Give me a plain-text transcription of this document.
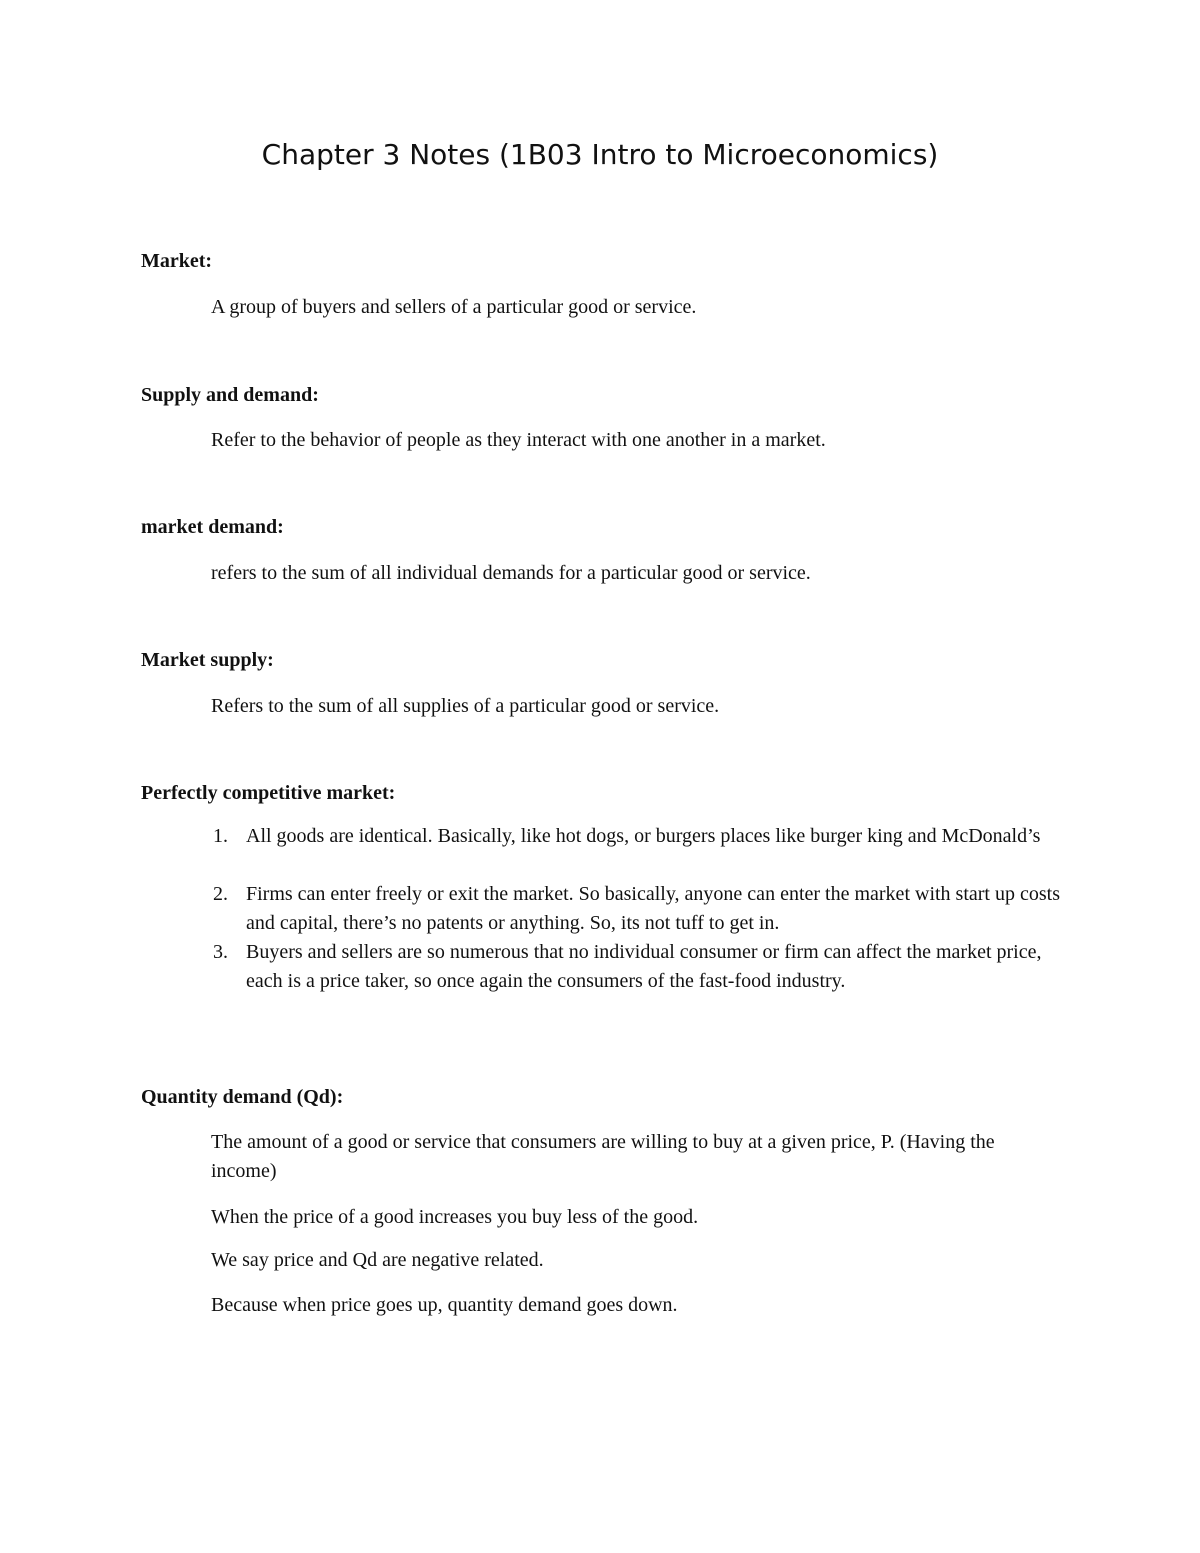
Chapter 3 Notes (1B03 Intro to Microeconomics)
Market:
A group of buyers and sellers of a particular good or service.
Supply and demand:
Refer to the behavior of people as they interact with one another in a market.
market demand:
refers to the sum of all individual demands for a particular good or service.
Market supply:
Refers to the sum of all supplies of a particular good or service.
Perfectly competitive market:
1. All goods are identical. Basically, like hot dogs, or burgers places like burger king and McDonald’s
2. Firms can enter freely or exit the market. So basically, anyone can enter the market with start up costs and capital, there’s no patents or anything. So, its not tuff to get in.
3. Buyers and sellers are so numerous that no individual consumer or firm can affect the market price, each is a price taker, so once again the consumers of the fast-food industry.
Quantity demand (Qd):
The amount of a good or service that consumers are willing to buy at a given price, P. (Having the income)
When the price of a good increases you buy less of the good.
We say price and Qd are negative related.
Because when price goes up, quantity demand goes down.
